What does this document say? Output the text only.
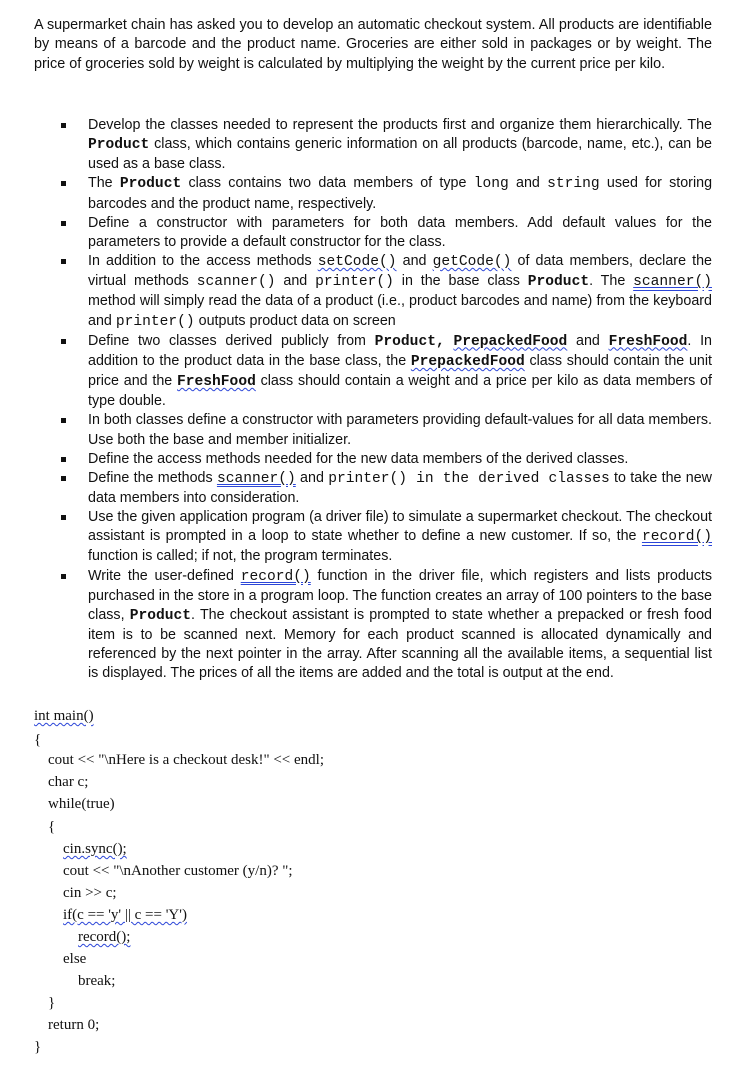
A supermarket chain has asked you to develop an automatic checkout system. All products are identifiable by means of a barcode and the product name. Groceries are either sold in packages or by weight. The price of groceries sold by weight is calculated by multiplying the weight by the current price per kilo.

Develop the classes needed to represent the products first and organize them hierarchically. The Product class, which contains generic information on all products (barcode, name, etc.), can be used as a base class.
The Product class contains two data members of type long and string used for storing barcodes and the product name, respectively.
Define a constructor with parameters for both data members. Add default values for the parameters to provide a default constructor for the class.
In addition to the access methods setCode() and getCode() of data members, declare the virtual methods scanner() and printer() in the base class Product. The scanner() method will simply read the data of a product (i.e., product barcodes and name) from the keyboard and printer() outputs product data on screen
Define two classes derived publicly from Product, PrepackedFood and FreshFood. In addition to the product data in the base class, the PrepackedFood class should contain the unit price and the FreshFood class should contain a weight and a price per kilo as data members of type double.
In both classes define a constructor with parameters providing default-values for all data members. Use both the base and member initializer.
Define the access methods needed for the new data members of the derived classes.
Define the methods scanner() and printer() in the derived classes to take the new data members into consideration.
Use the given application program (a driver file) to simulate a supermarket checkout. The checkout assistant is prompted in a loop to state whether to define a new customer. If so, the record() function is called; if not, the program terminates.
Write the user-defined record() function in the driver file, which registers and lists products purchased in the store in a program loop. The function creates an array of 100 pointers to the base class, Product. The checkout assistant is prompted to state whether a prepacked or fresh food item is to be scanned next. Memory for each product scanned is allocated dynamically and referenced by the next pointer in the array. After scanning all the available items, a sequential list is displayed. The prices of all the items are added and the total is output at the end.
int main()
{
cout << "\nHere is a checkout desk!" << endl;
char c;
while(true)
{
cin.sync();
cout << "\nAnother customer (y/n)? ";
cin >> c;
if(c == 'y' || c == 'Y')
record();
else
break;
}
return 0;
}
